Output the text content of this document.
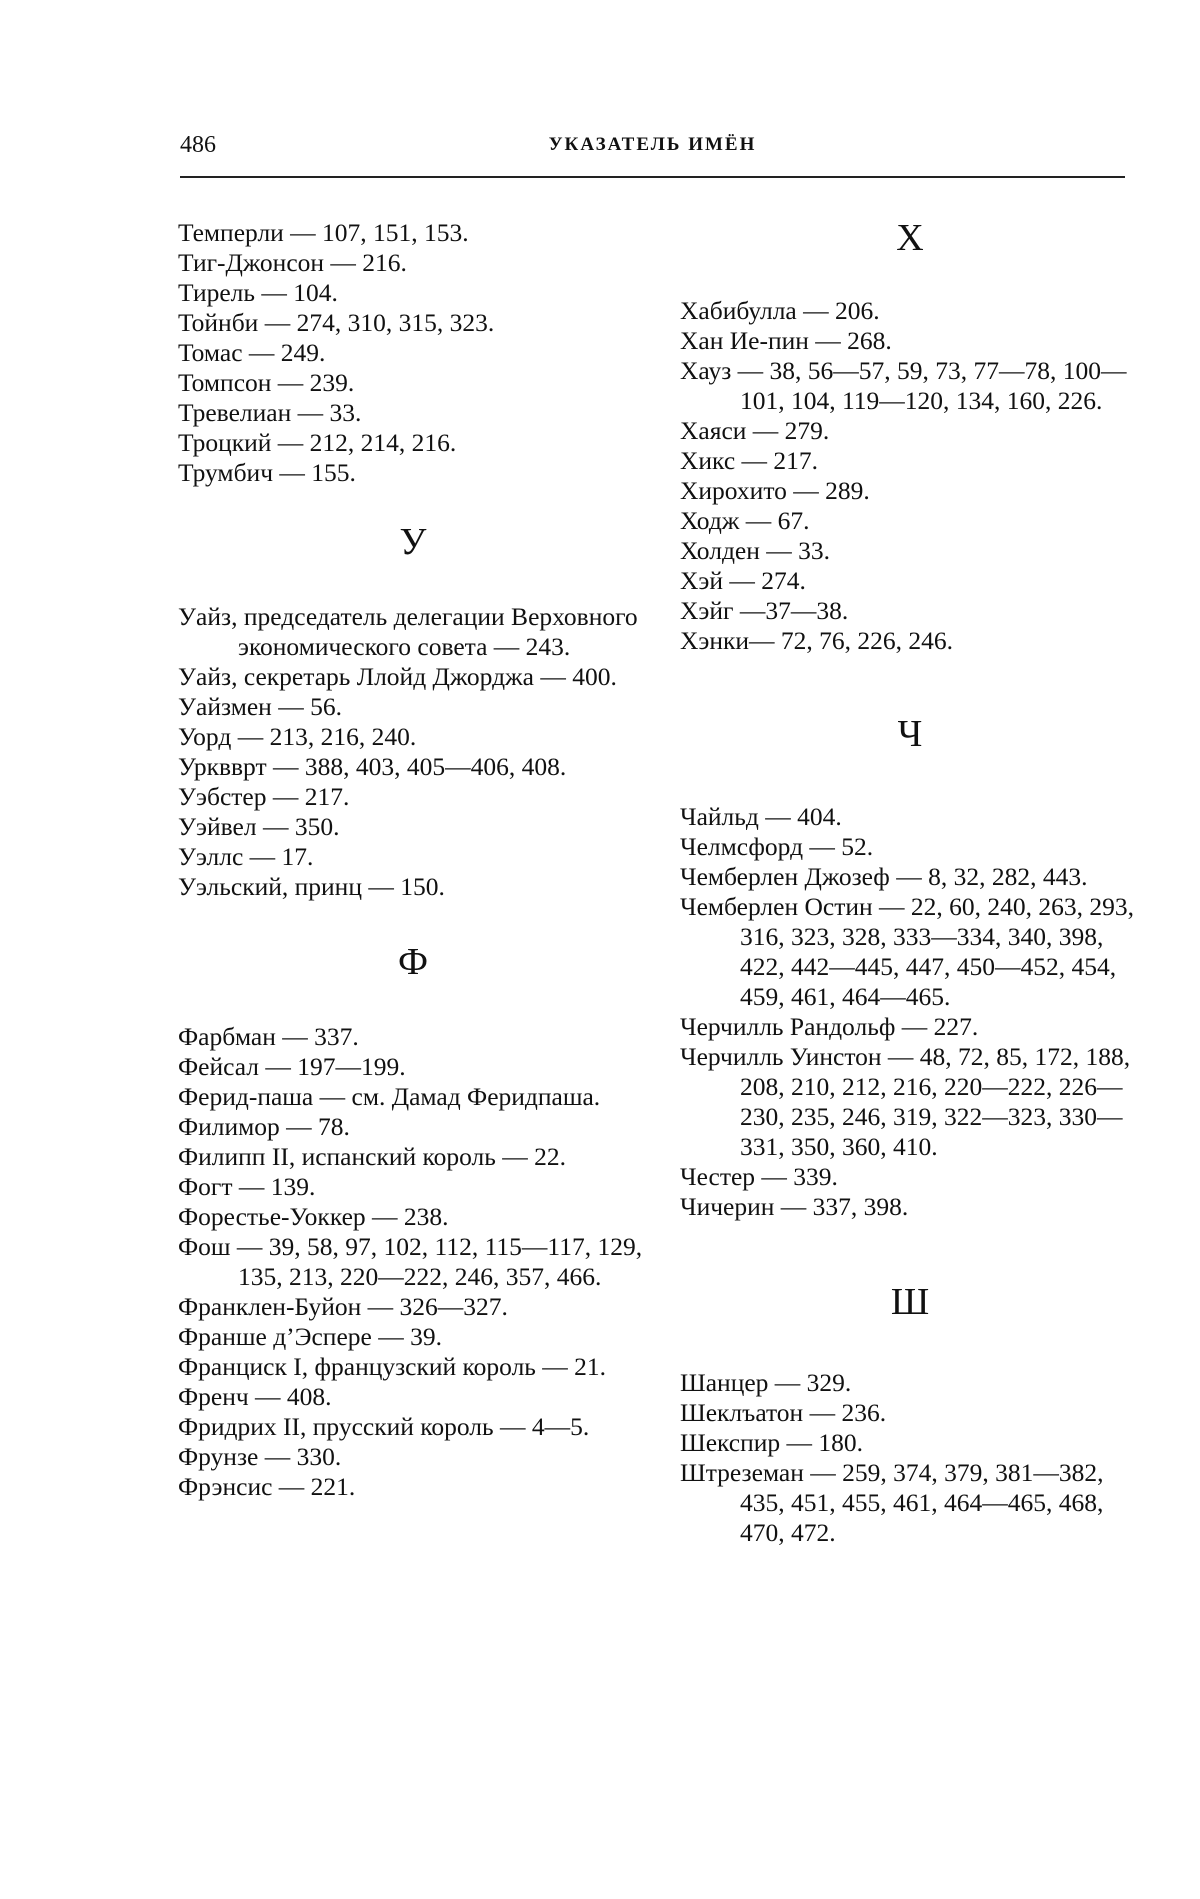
486	УКАЗАТЕЛЬ ИМЁН

Темперли — 107, 151, 153.

Тиг-Джонсон — 216.

Тирель — 104.

Тойнби — 274, 310, 315, 323.

Томас — 249.

Томпсон — 239.

Тревелиан — 33.

Троцкий — 212, 214, 216.

Трумбич — 155.

У

Уайз, председатель делегации Верховного экономического совета — 243.

Уайз, секретарь Ллойд Джорджа — 400.

Уайзмен — 56.

Уорд — 213, 216, 240.

Урквврт — 388, 403, 405—406, 408.

Уэбстер — 217.

Уэйвел — 350.

Уэллс — 17.

Уэльский, принц — 150.

Ф

Фарбман — 337.

Фейсал — 197—199.

Ферид-паша — см. Дамад Феридпаша.

Филимор — 78.

Филипп II, испанский король — 22.

Фогт — 139.

Форестье-Уоккер — 238.

Фош — 39, 58, 97, 102, 112, 115—117, 129, 135, 213, 220—222, 246, 357, 466.

Франклен-Буйон — 326—327.

Франше д’Эспере — 39.

Франциск I, французский король — 21.

Френч — 408.

Фридрих II, прусский король — 4—5.

Фрунзе — 330.

Фрэнсис — 221.

Х

Хабибулла — 206.

Хан Ие-пин — 268.

Хауз — 38, 56—57, 59, 73, 77—78, 100—101, 104, 119—120, 134, 160, 226.

Хаяси — 279.

Хикс — 217.

Хирохито — 289.

Ходж — 67.

Холден — 33.

Хэй — 274.

Хэйг —37—38.

Хэнки— 72, 76, 226, 246.

Ч

Чайльд — 404.

Челмсфорд — 52.

Чемберлен Джозеф — 8, 32, 282, 443.

Чемберлен Остин — 22, 60, 240, 263, 293, 316, 323, 328, 333—334, 340, 398, 422, 442—445, 447, 450—452, 454, 459, 461, 464—465.

Черчилль Рандольф — 227.

Черчилль Уинстон — 48, 72, 85, 172, 188, 208, 210, 212, 216, 220—222, 226—230, 235, 246, 319, 322—323, 330—331, 350, 360, 410.

Честер — 339.

Чичерин — 337, 398.

Ш

Шанцер — 329.

Шеклъатон — 236.

Шекспир — 180.

Штреземан — 259, 374, 379, 381—382, 435, 451, 455, 461, 464—465, 468, 470, 472.
